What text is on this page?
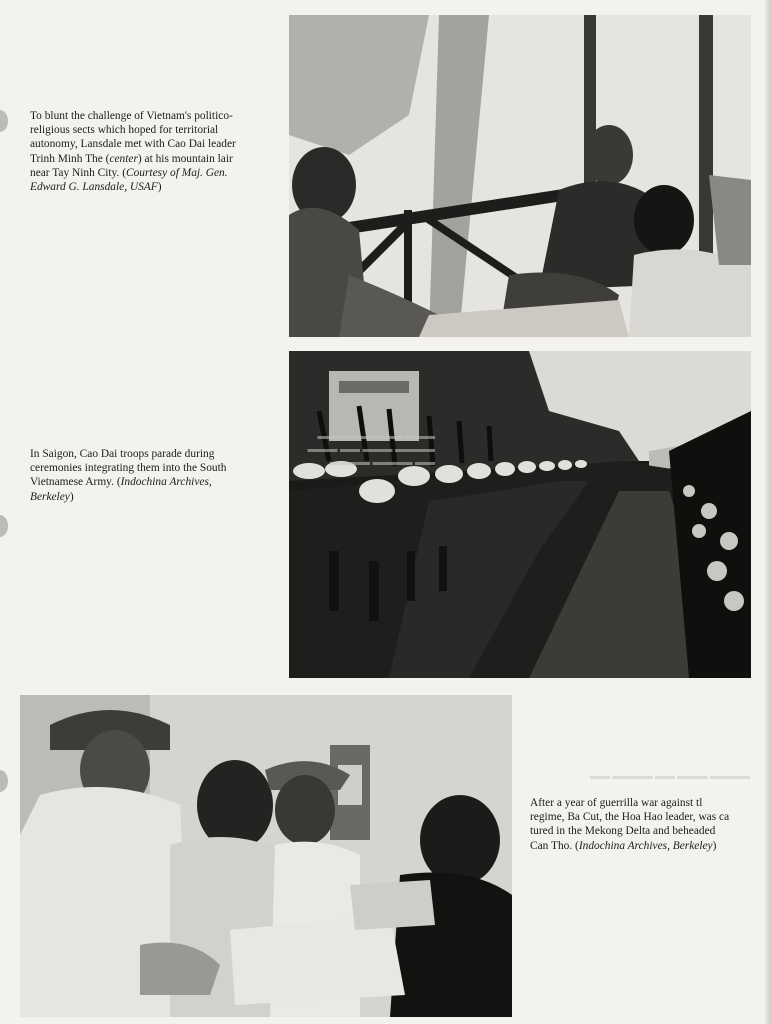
To blunt the challenge of Vietnam's politico-
religious sects which hoped for territorial
autonomy, Lansdale met with Cao Dai leader
Trinh Minh The (center) at his mountain lair
near Tay Ninh City. (Courtesy of Maj. Gen.
Edward G. Lansdale, USAF)

In Saigon, Cao Dai troops parade during
ceremonies integrating them into the South
Vietnamese Army. (Indochina Archives,
Berkeley)

▬▬▬ ▬▬ ▬▬▬▬ ▬▬
▬▬▬▬ ▬▬▬ ▬▬ ▬▬▬
▬▬ ▬▬▬▬ ▬▬▬▬
▬▬▬▬ ▬▬▬ ▬▬ ▬▬▬▬ ▬▬

After a year of guerrilla war against tl
regime, Ba Cut, the Hoa Hao leader, was ca
tured in the Mekong Delta and beheaded
Can Tho. (Indochina Archives, Berkeley)
